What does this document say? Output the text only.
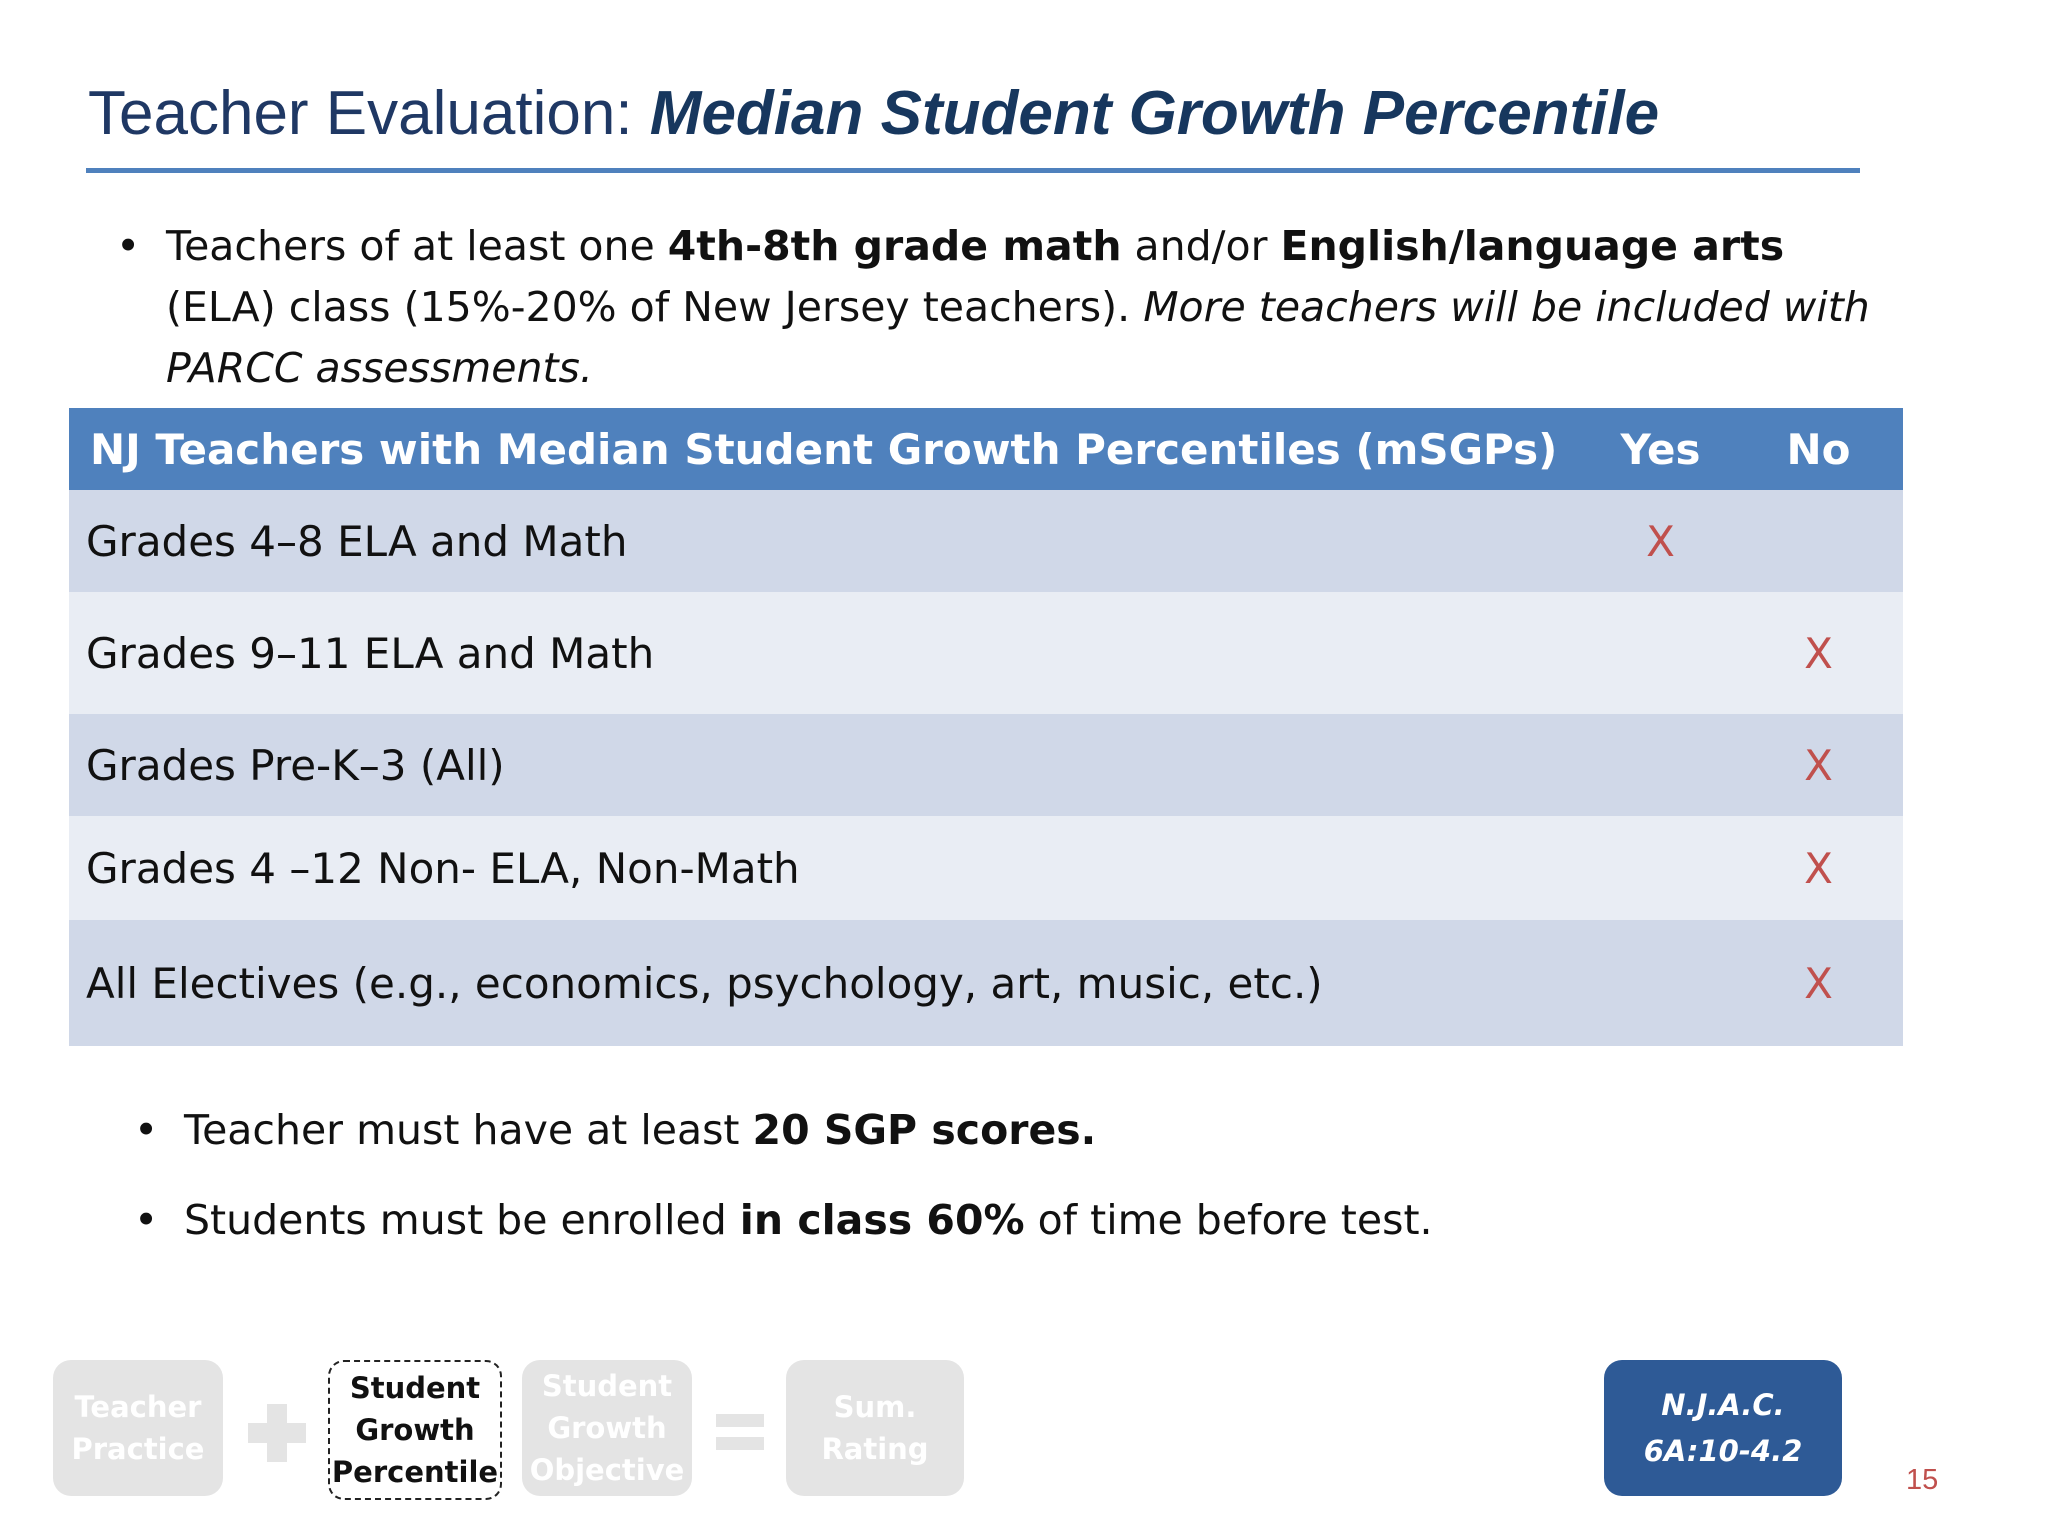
Teacher Evaluation: Median Student Growth Percentile
• Teachers of at least one 4th-8th grade math and/or English/language arts (ELA) class (15%-20% of New Jersey teachers). More teachers will be included with PARCC assessments.
NJ Teachers with Median Student Growth Percentiles (mSGPs)	Yes	No
Grades 4–8 ELA and Math	X	
Grades 9–11 ELA and Math		X
Grades Pre-K–3 (All)		X
Grades 4 –12 Non- ELA, Non-Math		X
All Electives (e.g., economics, psychology, art, music, etc.)		X
• Teacher must have at least 20 SGP scores.
• Students must be enrolled in class 60% of time before test.
Teacher
Practice
Student
Growth
Percentile
Student
Growth
Objective
Sum.
Rating
N.J.A.C.
6A:10-4.2
15
